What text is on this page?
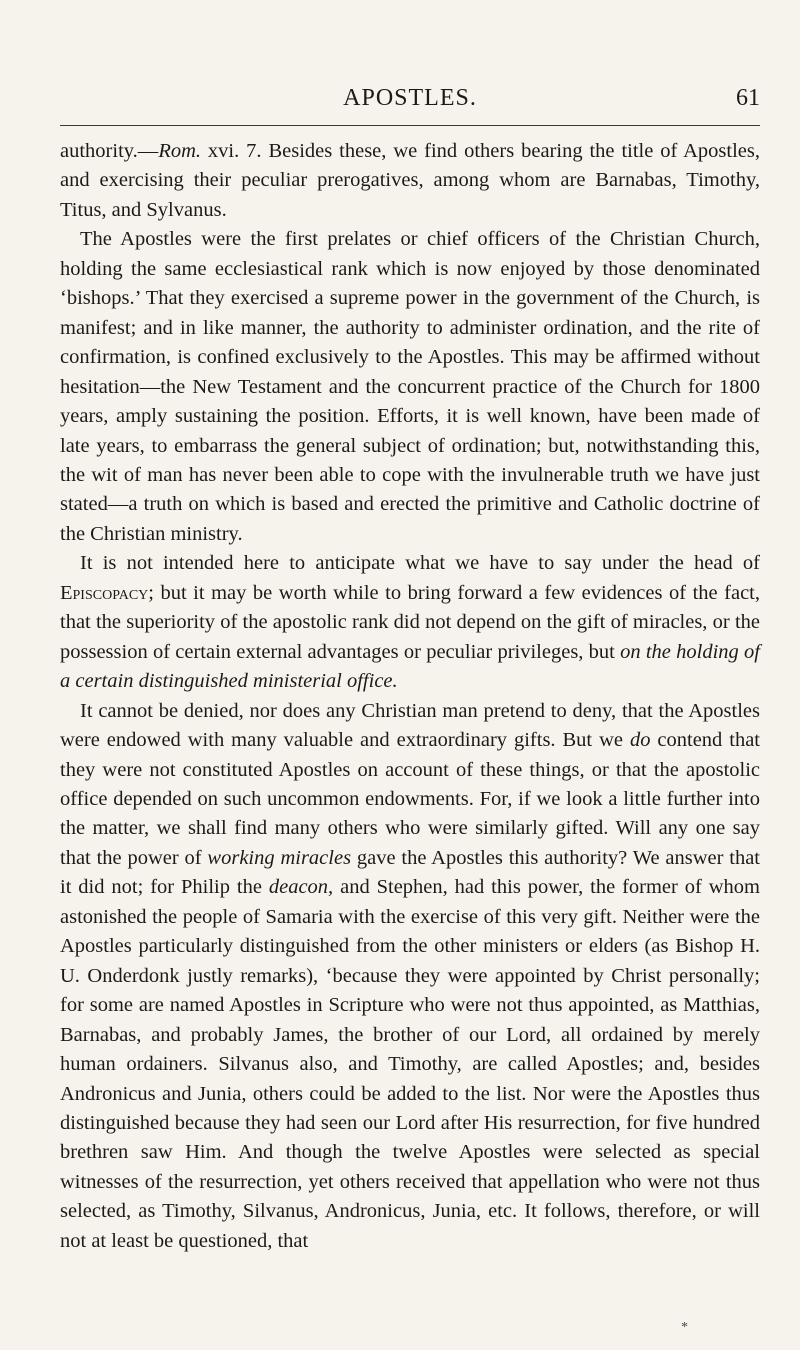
APOSTLES.	61

authority.—Rom. xvi. 7. Besides these, we find others bearing the title of Apostles, and exercising their peculiar prerogatives, among whom are Barnabas, Timothy, Titus, and Sylvanus.

The Apostles were the first prelates or chief officers of the Christian Church, holding the same ecclesiastical rank which is now enjoyed by those denominated ‘bishops.’ That they exercised a supreme power in the government of the Church, is manifest; and in like manner, the authority to administer ordination, and the rite of confirmation, is confined exclusively to the Apostles. This may be affirmed without hesitation—the New Testament and the concurrent practice of the Church for 1800 years, amply sustaining the position. Efforts, it is well known, have been made of late years, to embarrass the general subject of ordination; but, notwithstanding this, the wit of man has never been able to cope with the invulnerable truth we have just stated—a truth on which is based and erected the primitive and Catholic doctrine of the Christian ministry.

It is not intended here to anticipate what we have to say under the head of Episcopacy; but it may be worth while to bring forward a few evidences of the fact, that the superiority of the apostolic rank did not depend on the gift of miracles, or the possession of certain external advantages or peculiar privileges, but on the holding of a certain distinguished ministerial office.

It cannot be denied, nor does any Christian man pretend to deny, that the Apostles were endowed with many valuable and extraordinary gifts. But we do contend that they were not constituted Apostles on account of these things, or that the apostolic office depended on such uncommon endowments. For, if we look a little further into the matter, we shall find many others who were similarly gifted. Will any one say that the power of working miracles gave the Apostles this authority? We answer that it did not; for Philip the deacon, and Stephen, had this power, the former of whom astonished the people of Samaria with the exercise of this very gift. Neither were the Apostles particularly distinguished from the other ministers or elders (as Bishop H. U. Onderdonk justly remarks), ‘because they were appointed by Christ personally; for some are named Apostles in Scripture who were not thus appointed, as Matthias, Barnabas, and probably James, the brother of our Lord, all ordained by merely human ordainers. Silvanus also, and Timothy, are called Apostles; and, besides Andronicus and Junia, others could be added to the list. Nor were the Apostles thus distinguished because they had seen our Lord after His resurrection, for five hundred brethren saw Him. And though the twelve Apostles were selected as special witnesses of the resurrection, yet others received that appellation who were not thus selected, as Timothy, Silvanus, Andronicus, Junia, etc. It follows, therefore, or will not at least be questioned, that

*
